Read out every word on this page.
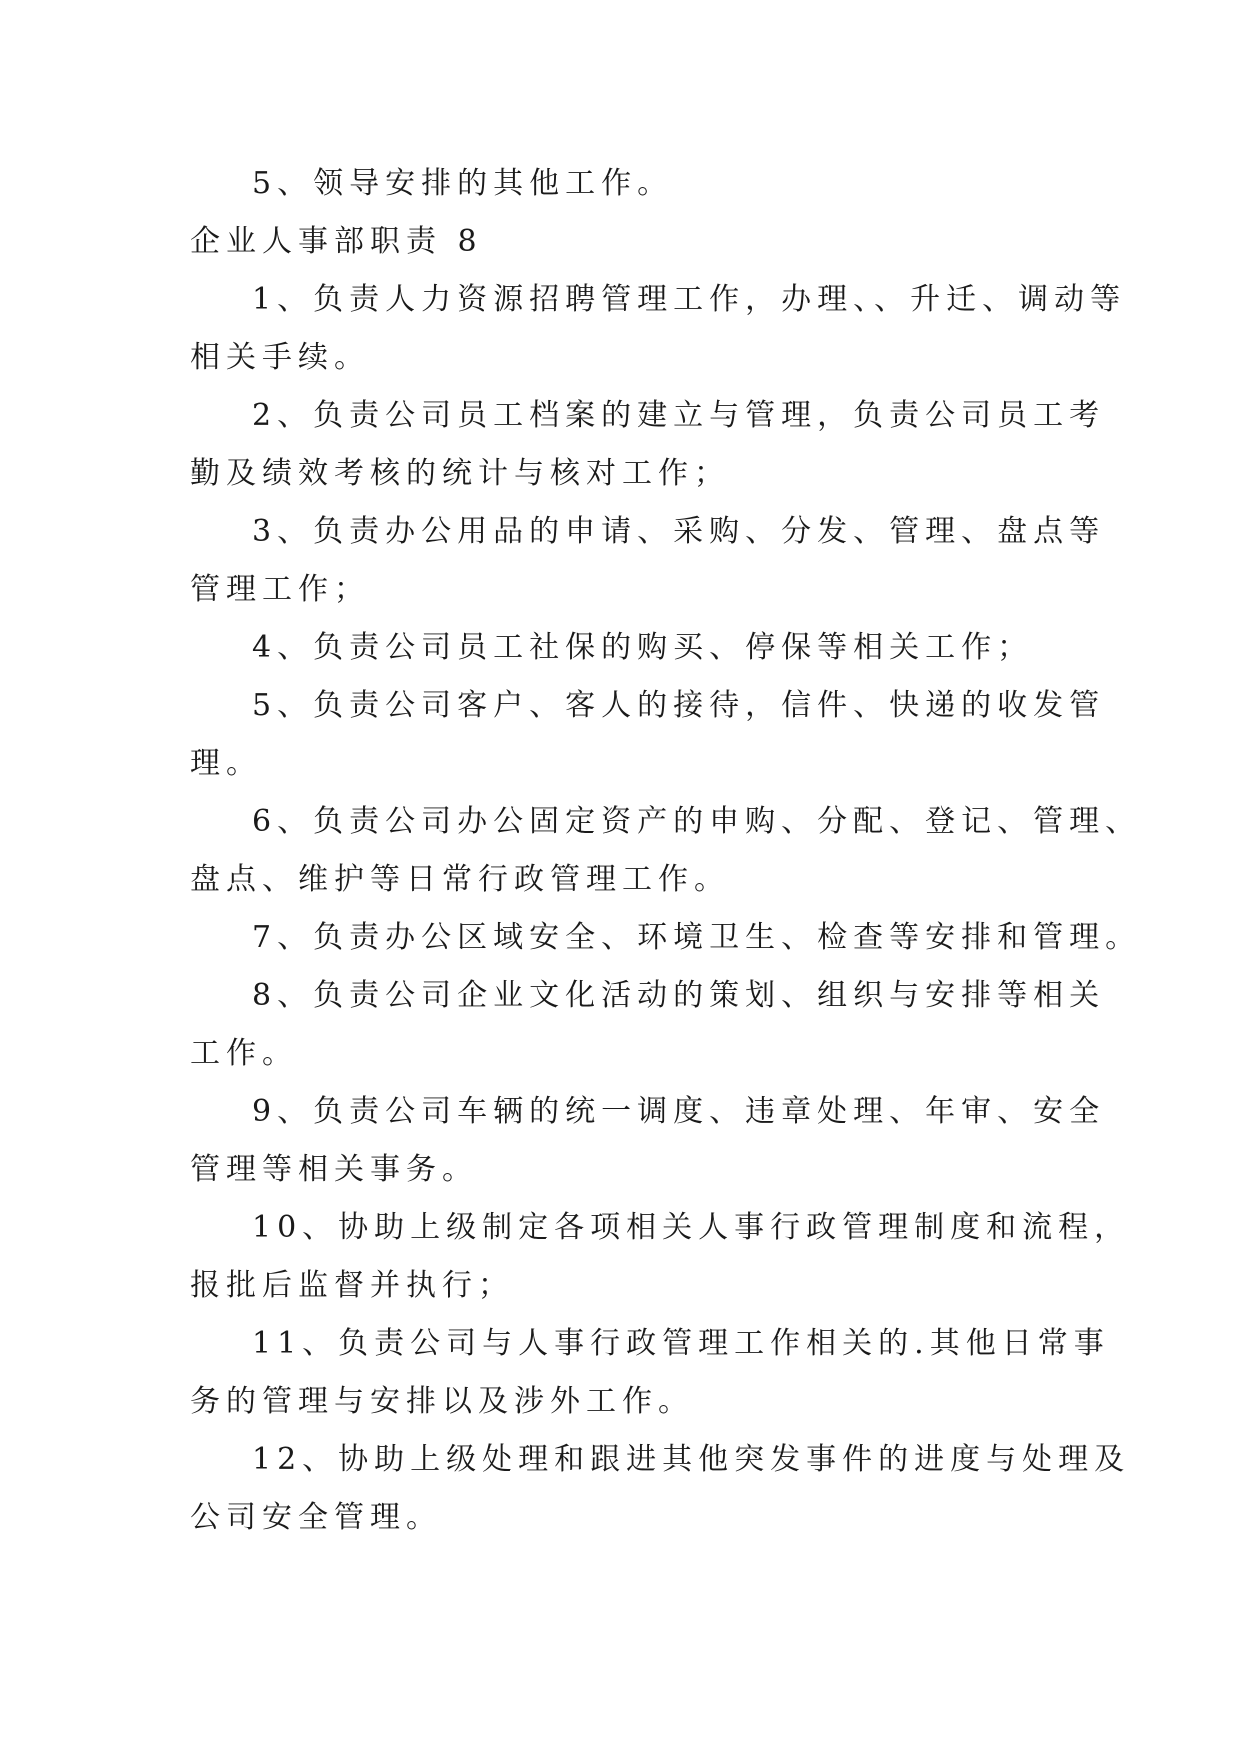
5、领导安排的其他工作。

企业人事部职责 8

1、负责人力资源招聘管理工作，办理、、升迁、调动等

相关手续。

2、负责公司员工档案的建立与管理，负责公司员工考

勤及绩效考核的统计与核对工作；

3、负责办公用品的申请、采购、分发、管理、盘点等

管理工作；

4、负责公司员工社保的购买、停保等相关工作；

5、负责公司客户、客人的接待，信件、快递的收发管

理。

6、负责公司办公固定资产的申购、分配、登记、管理、

盘点、维护等日常行政管理工作。

7、负责办公区域安全、环境卫生、检查等安排和管理。

8、负责公司企业文化活动的策划、组织与安排等相关

工作。

9、负责公司车辆的统一调度、违章处理、年审、安全

管理等相关事务。

10、协助上级制定各项相关人事行政管理制度和流程，

报批后监督并执行；

11、负责公司与人事行政管理工作相关的.其他日常事

务的管理与安排以及涉外工作。

12、协助上级处理和跟进其他突发事件的进度与处理及

公司安全管理。
